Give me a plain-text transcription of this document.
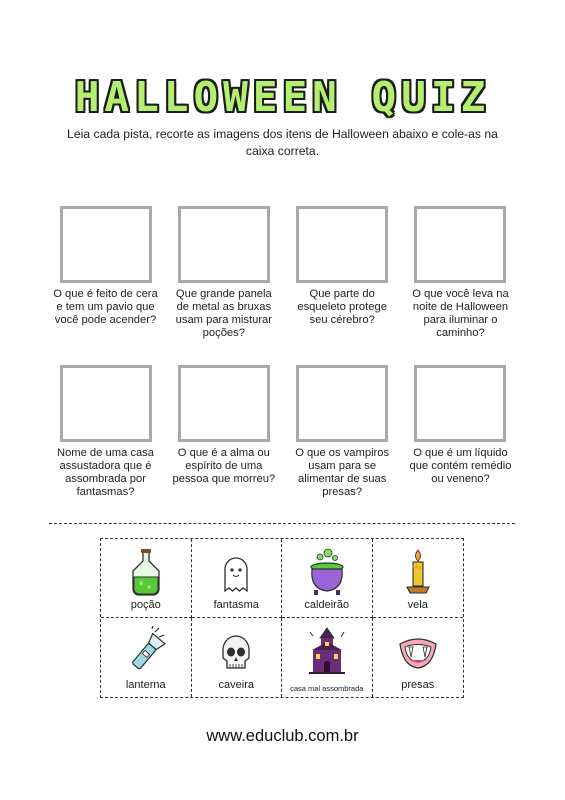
HALLOWEEN QUIZ
Leia cada pista, recorte as imagens dos itens de Halloween abaixo e cole-as na caixa correta.
O que é feito de cera e tem um pavio que você pode acender?
Que grande panela de metal as bruxas usam para misturar poções?
Que parte do esqueleto protege seu cérebro?
O que você leva na noite de Halloween para iluminar o caminho?
Nome de uma casa assustadora que é assombrada por fantasmas?
O que é a alma ou espírito de uma pessoa que morreu?
O que os vampiros usam para se alimentar de suas presas?
O que é um líquido que contém remédio ou veneno?
poção	fantasma	caldeirão	vela
lanterna	caveira	casa mal assombrada	presas
www.educlub.com.br
